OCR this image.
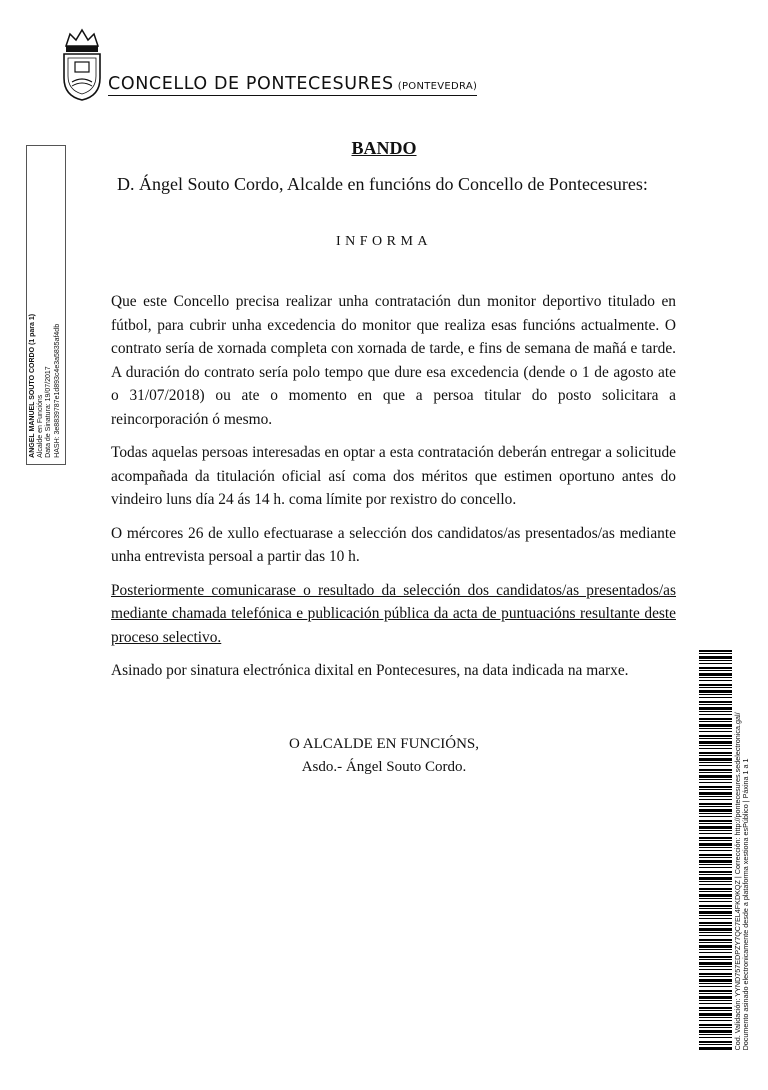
CONCELLO DE PONTECESURES (PONTEVEDRA)
ANGEL MANUEL SOUTO CORDO (1 para 1) Alcalde en Funcións Data de Sinatura: 19/07/2017 HASH: 3e8839787e1d893c4e3a5835af4db
BANDO
D. Ángel Souto Cordo, Alcalde en funcións do Concello de Pontecesures:
INFORMA

Que este Concello precisa realizar unha contratación dun monitor deportivo titulado en fútbol, para cubrir unha excedencia do monitor que realiza esas funcións actualmente. O contrato sería de xornada completa con xornada de tarde, e fins de semana de mañá e tarde. A duración do contrato sería polo tempo que dure esa excedencia (dende o 1 de agosto ate o 31/07/2018) ou ate o momento en que a persoa titular do posto solicitara a reincorporación ó mesmo.

Todas aquelas persoas interesadas en optar a esta contratación deberán entregar a solicitude acompañada da titulación oficial así coma dos méritos que estimen oportuno antes do vindeiro luns día 24 ás 14 h. coma límite por rexistro do concello.

O mércores 26 de xullo efectuarase a selección dos candidatos/as presentados/as mediante unha entrevista persoal a partir das 10 h.

Posteriormente comunicarase o resultado da selección dos candidatos/as presentados/as mediante chamada telefónica e publicación pública da acta de puntuacións resultante deste proceso selectivo.

Asinado por sinatura electrónica dixital en Pontecesures, na data indicada na marxe.

O ALCALDE EN FUNCIÓNS,
Asdo.- Ángel Souto Cordo.	Cod. Validación: YYND757EDPZY7QC7EL4FKDKQZ | Corrección: http://pontecesures.sedelectronica.gal/ Documento asinado electronicamente desde a plataforma xestiona esPúblico | Páxina 1 a 1
